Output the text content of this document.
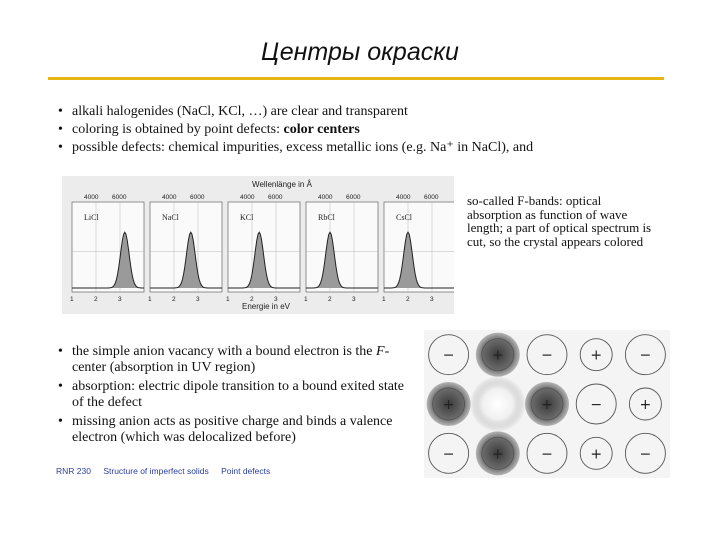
Центры окраски
• alkali halogenides (NaCl, KCl, …) are clear and transparent
• coloring is obtained by point defects: color centers
• possible defects: chemical impurities, excess metallic ions (e.g. Na⁺ in NaCl), and
Wellenlänge in Å
Energie in eV
LiCl
4000 6000
1	2	3
NaCl
4000 6000
1	2	3
KCl
4000 6000
1	2	3
RbCl
4000 6000
1	2	3
CsCl
4000 6000
1	2	3
so-called F-bands: optical absorption as function of wave length; a part of optical spectrum is cut, so the crystal appears colored
• the simple anion vacancy with a bound electron is the F-center (absorption in UV region)
• absorption: electric dipole transition to a bound exited state of the defect
• missing anion acts as positive charge and binds a valence electron (which was delocalized before)
−	+	−	+	−
+	+	−	+
−	+	−	+	−
RNR 230 Structure of imperfect solids Point defects
